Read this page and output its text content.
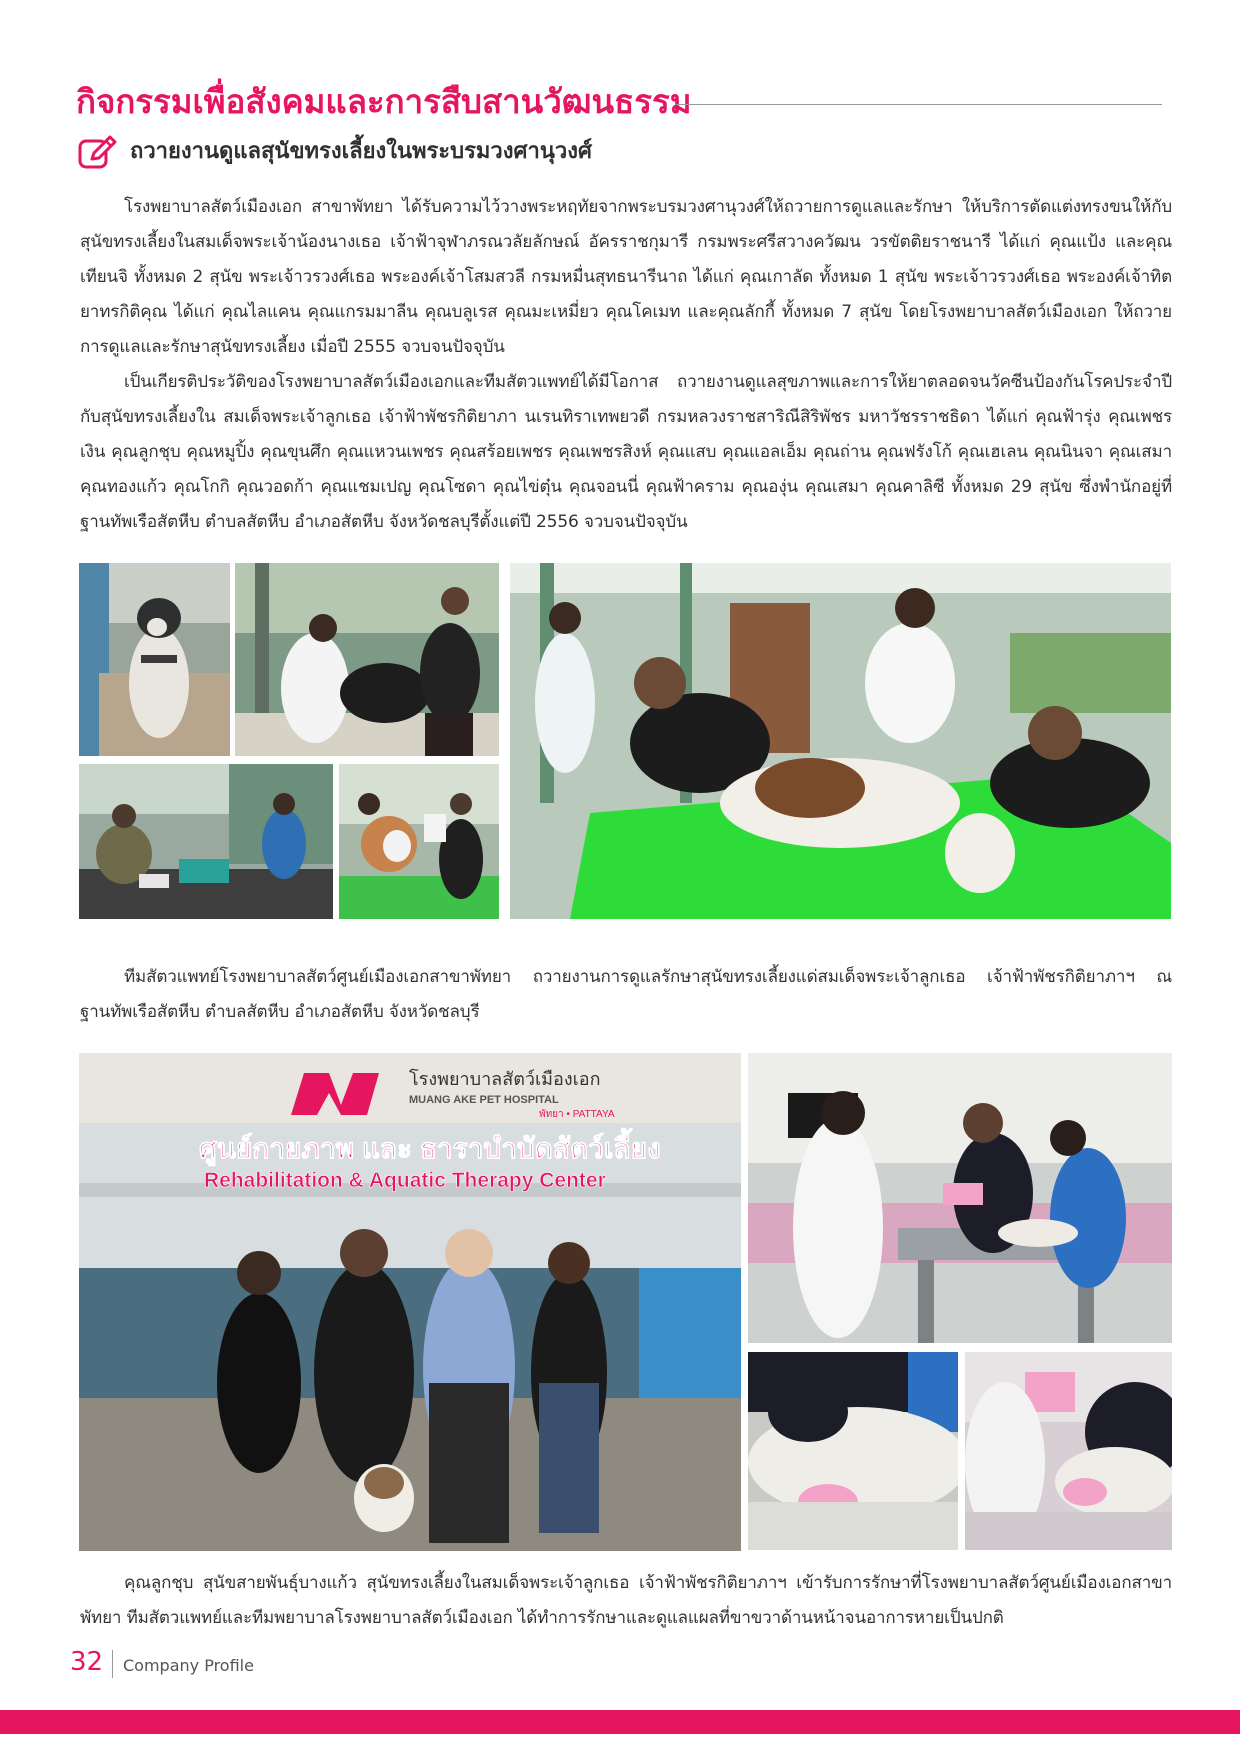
กิจกรรมเพื่อสังคมและการสืบสานวัฒนธรรม
ถวายงานดูแลสุนัขทรงเลี้ยงในพระบรมวงศานุวงศ์

โรงพยาบาลสัตว์เมืองเอก สาขาพัทยา ได้รับความไว้วางพระหฤทัยจากพระบรมวงศานุวงศ์ให้ถวายการดูแลและรักษา ให้บริการตัดแต่งทรงขนให้กับสุนัขทรงเลี้ยงในสมเด็จพระเจ้าน้องนางเธอ เจ้าฟ้าจุฬาภรณวลัยลักษณ์ อัครราชกุมารี กรมพระศรีสวางควัฒน วรขัตติยราชนารี ได้แก่ คุณแป้ง และคุณเทียนจิ ทั้งหมด 2 สุนัข พระเจ้าวรวงศ์เธอ พระองค์เจ้าโสมสวลี กรมหมื่นสุทธนารีนาถ ได้แก่ คุณเกาลัด ทั้งหมด 1 สุนัข พระเจ้าวรวงศ์เธอ พระองค์เจ้าทิตยาทรกิติคุณ ได้แก่ คุณไลแคน คุณแกรมมาลีน คุณบลูเรส คุณมะเหมี่ยว คุณโคเมท และคุณลักกี้ ทั้งหมด 7 สุนัข โดยโรงพยาบาลสัตว์เมืองเอก ให้ถวายการดูแลและรักษาสุนัขทรงเลี้ยง เมื่อปี 2555 จวบจนปัจจุบัน

เป็นเกียรติประวัติของโรงพยาบาลสัตว์เมืองเอกและทีมสัตวแพทย์ได้มีโอกาส ถวายงานดูแลสุขภาพและการให้ยาตลอดจนวัคซีนป้องกันโรคประจำปีกับสุนัขทรงเลี้ยงใน สมเด็จพระเจ้าลูกเธอ เจ้าฟ้าพัชรกิติยาภา นเรนทิราเทพยวดี กรมหลวงราชสาริณีสิริพัชร มหาวัชรราชธิดา ได้แก่ คุณฟ้ารุ่ง คุณเพชรเงิน คุณลูกชุบ คุณหมูปิ้ง คุณขุนศึก คุณแหวนเพชร คุณสร้อยเพชร คุณเพชรสิงห์ คุณแสบ คุณแอลเอ็ม คุณถ่าน คุณฟรังโก้ คุณเฮเลน คุณนินจา คุณเสมา คุณทองแก้ว คุณโกกิ คุณวอดก้า คุณแชมเปญ คุณโซดา คุณไข่ตุ๋น คุณจอนนี่ คุณฟ้าคราม คุณองุ่น คุณเสมา คุณคาลิซี ทั้งหมด 29 สุนัข ซึ่งพำนักอยู่ที่ฐานทัพเรือสัตหีบ ตำบลสัตหีบ อำเภอสัตหีบ จังหวัดชลบุรีตั้งแต่ปี 2556 จวบจนปัจจุบัน

ทีมสัตวแพทย์โรงพยาบาลสัตว์ศูนย์เมืองเอกสาขาพัทยา ถวายงานการดูแลรักษาสุนัขทรงเลี้ยงแด่สมเด็จพระเจ้าลูกเธอ เจ้าฟ้าพัชรกิติยาภาฯ ณ ฐานทัพเรือสัตหีบ ตำบลสัตหีบ อำเภอสัตหีบ จังหวัดชลบุรี

โรงพยาบาลสัตว์เมืองเอก
MUANG AKE PET HOSPITAL
พัทยา • PATTAYA
ศูนย์กายภาพ และ ธาราบำบัดสัตว์เลี้ยง
Rehabilitation & Aquatic Therapy Center

คุณลูกชุบ สุนัขสายพันธุ์บางแก้ว สุนัขทรงเลี้ยงในสมเด็จพระเจ้าลูกเธอ เจ้าฟ้าพัชรกิติยาภาฯ เข้ารับการรักษาที่โรงพยาบาลสัตว์ศูนย์เมืองเอกสาขาพัทยา ทีมสัตวแพทย์และทีมพยาบาลโรงพยาบาลสัตว์เมืองเอก ได้ทำการรักษาและดูแลแผลที่ขาขวาด้านหน้าจนอาการหายเป็นปกติ

32 Company Profile
